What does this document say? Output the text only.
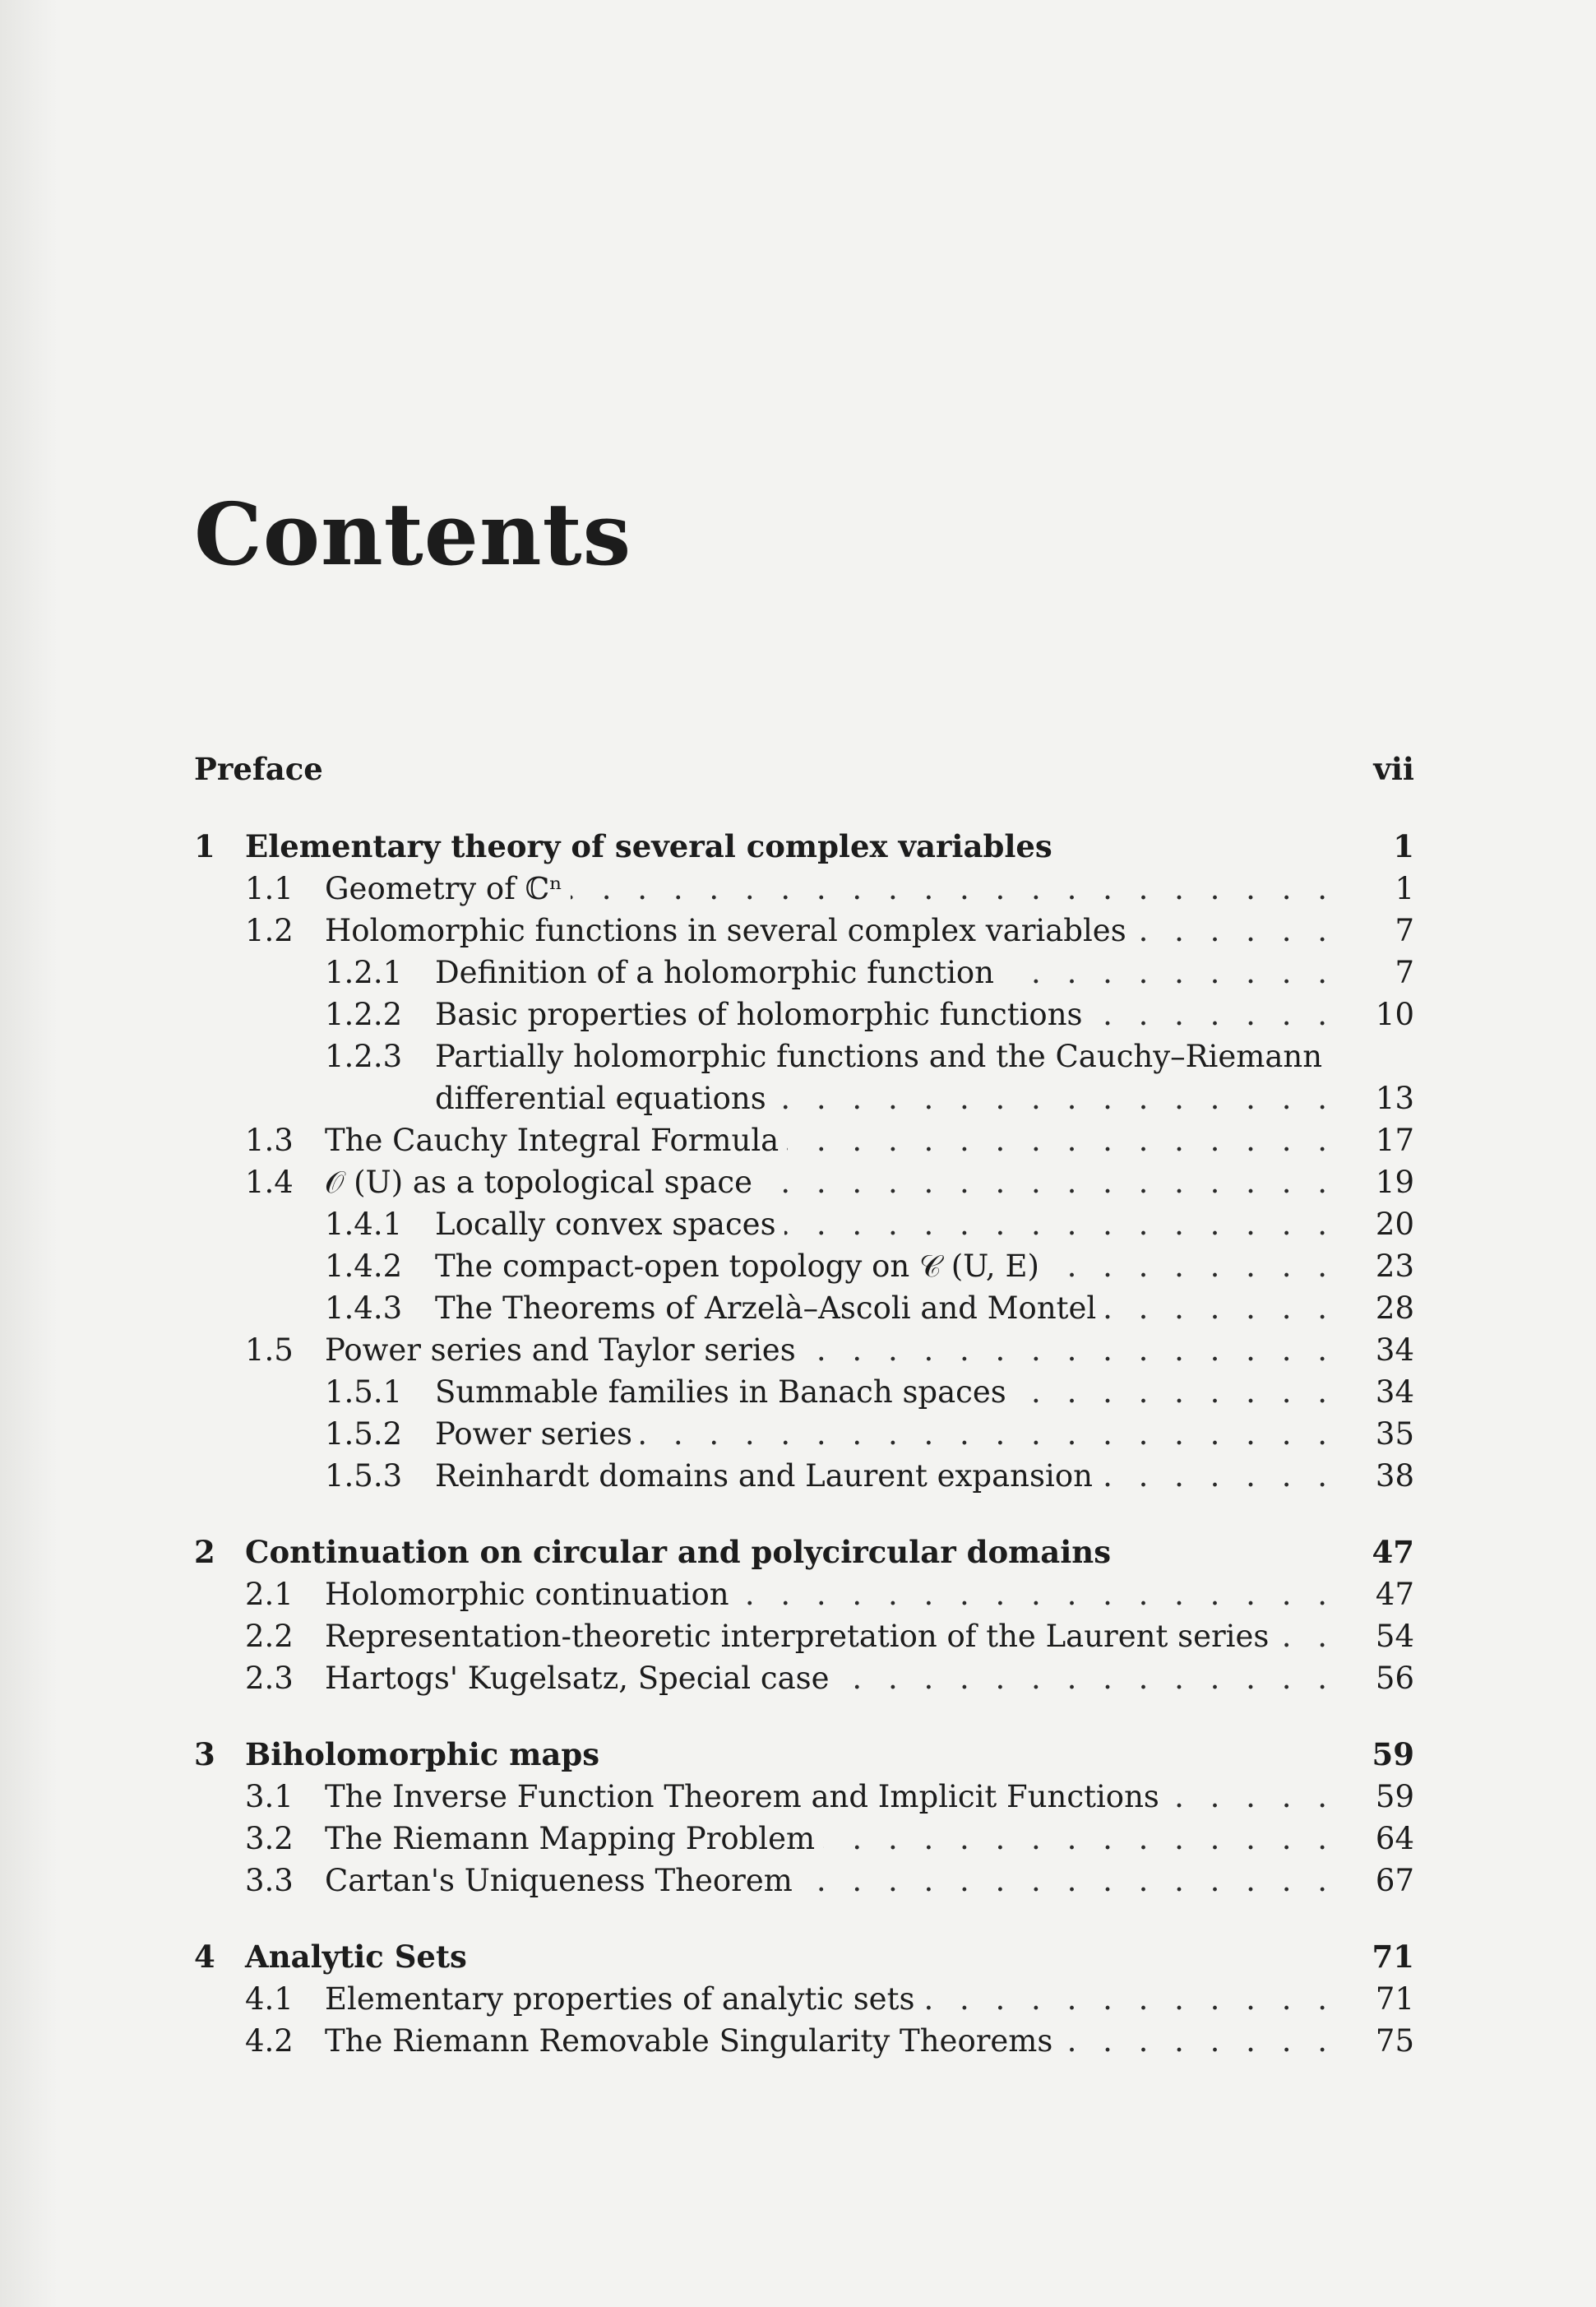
Contents
Preface	vii
1 Elementary theory of several complex variables	1
1.1	Geometry of ℂⁿ . . .	1
1.2	Holomorphic functions in several complex variables . . .	7
1.2.1	Definition of a holomorphic function . . .	7
1.2.2	Basic properties of holomorphic functions . . .	10
1.2.3	Partially holomorphic functions and the Cauchy–Riemann
differential equations . . .	13
1.3	The Cauchy Integral Formula . . .	17
1.4	𝒪 (U) as a topological space . . .	19
1.4.1	Locally convex spaces . . .	20
1.4.2	The compact-open topology on 𝒞 (U, E) . . .	23
1.4.3	The Theorems of Arzelà–Ascoli and Montel . . .	28
1.5	Power series and Taylor series . . .	34
1.5.1	Summable families in Banach spaces . . .	34
1.5.2	Power series . . .	35
1.5.3	Reinhardt domains and Laurent expansion . . .	38
2 Continuation on circular and polycircular domains	47
2.1	Holomorphic continuation . . .	47
2.2	Representation-theoretic interpretation of the Laurent series . . .	54
2.3	Hartogs' Kugelsatz, Special case . . .	56
3 Biholomorphic maps	59
3.1	The Inverse Function Theorem and Implicit Functions . . .	59
3.2	The Riemann Mapping Problem . . .	64
3.3	Cartan's Uniqueness Theorem . . .	67
4 Analytic Sets	71
4.1	Elementary properties of analytic sets . . .	71
4.2	The Riemann Removable Singularity Theorems . . .	75
